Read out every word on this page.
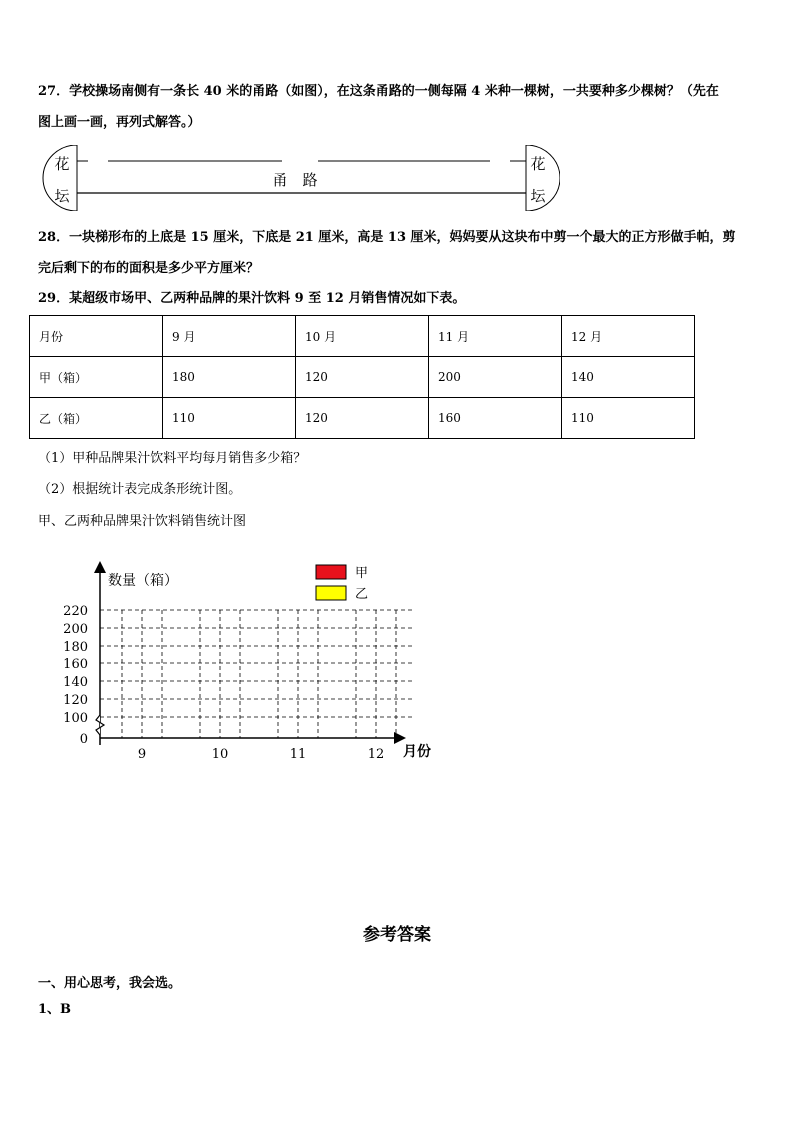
27．学校操场南侧有一条长 40 米的甬路（如图），在这条甬路的一侧每隔 4 米种一棵树，一共要种多少棵树？（先在
图上画一画，再列式解答。）
花
坛
花
坛
甬　路
28．一块梯形布的上底是 15 厘米，下底是 21 厘米，高是 13 厘米，妈妈要从这块布中剪一个最大的正方形做手帕，剪
完后剩下的布的面积是多少平方厘米？
29．某超级市场甲、乙两种品牌的果汁饮料 9 至 12 月销售情况如下表。
月份	9 月	10 月	11 月	12 月
甲（箱）	180	120	200	140
乙（箱）	110	120	160	110
（1）甲种品牌果汁饮料平均每月销售多少箱？
（2）根据统计表完成条形统计图。
甲、乙两种品牌果汁饮料销售统计图
数量（箱）
月份
220
200
180
160
140
120
100
0
9	10	11	12
甲
乙
参考答案
一、用心思考，我会选。
1、B
